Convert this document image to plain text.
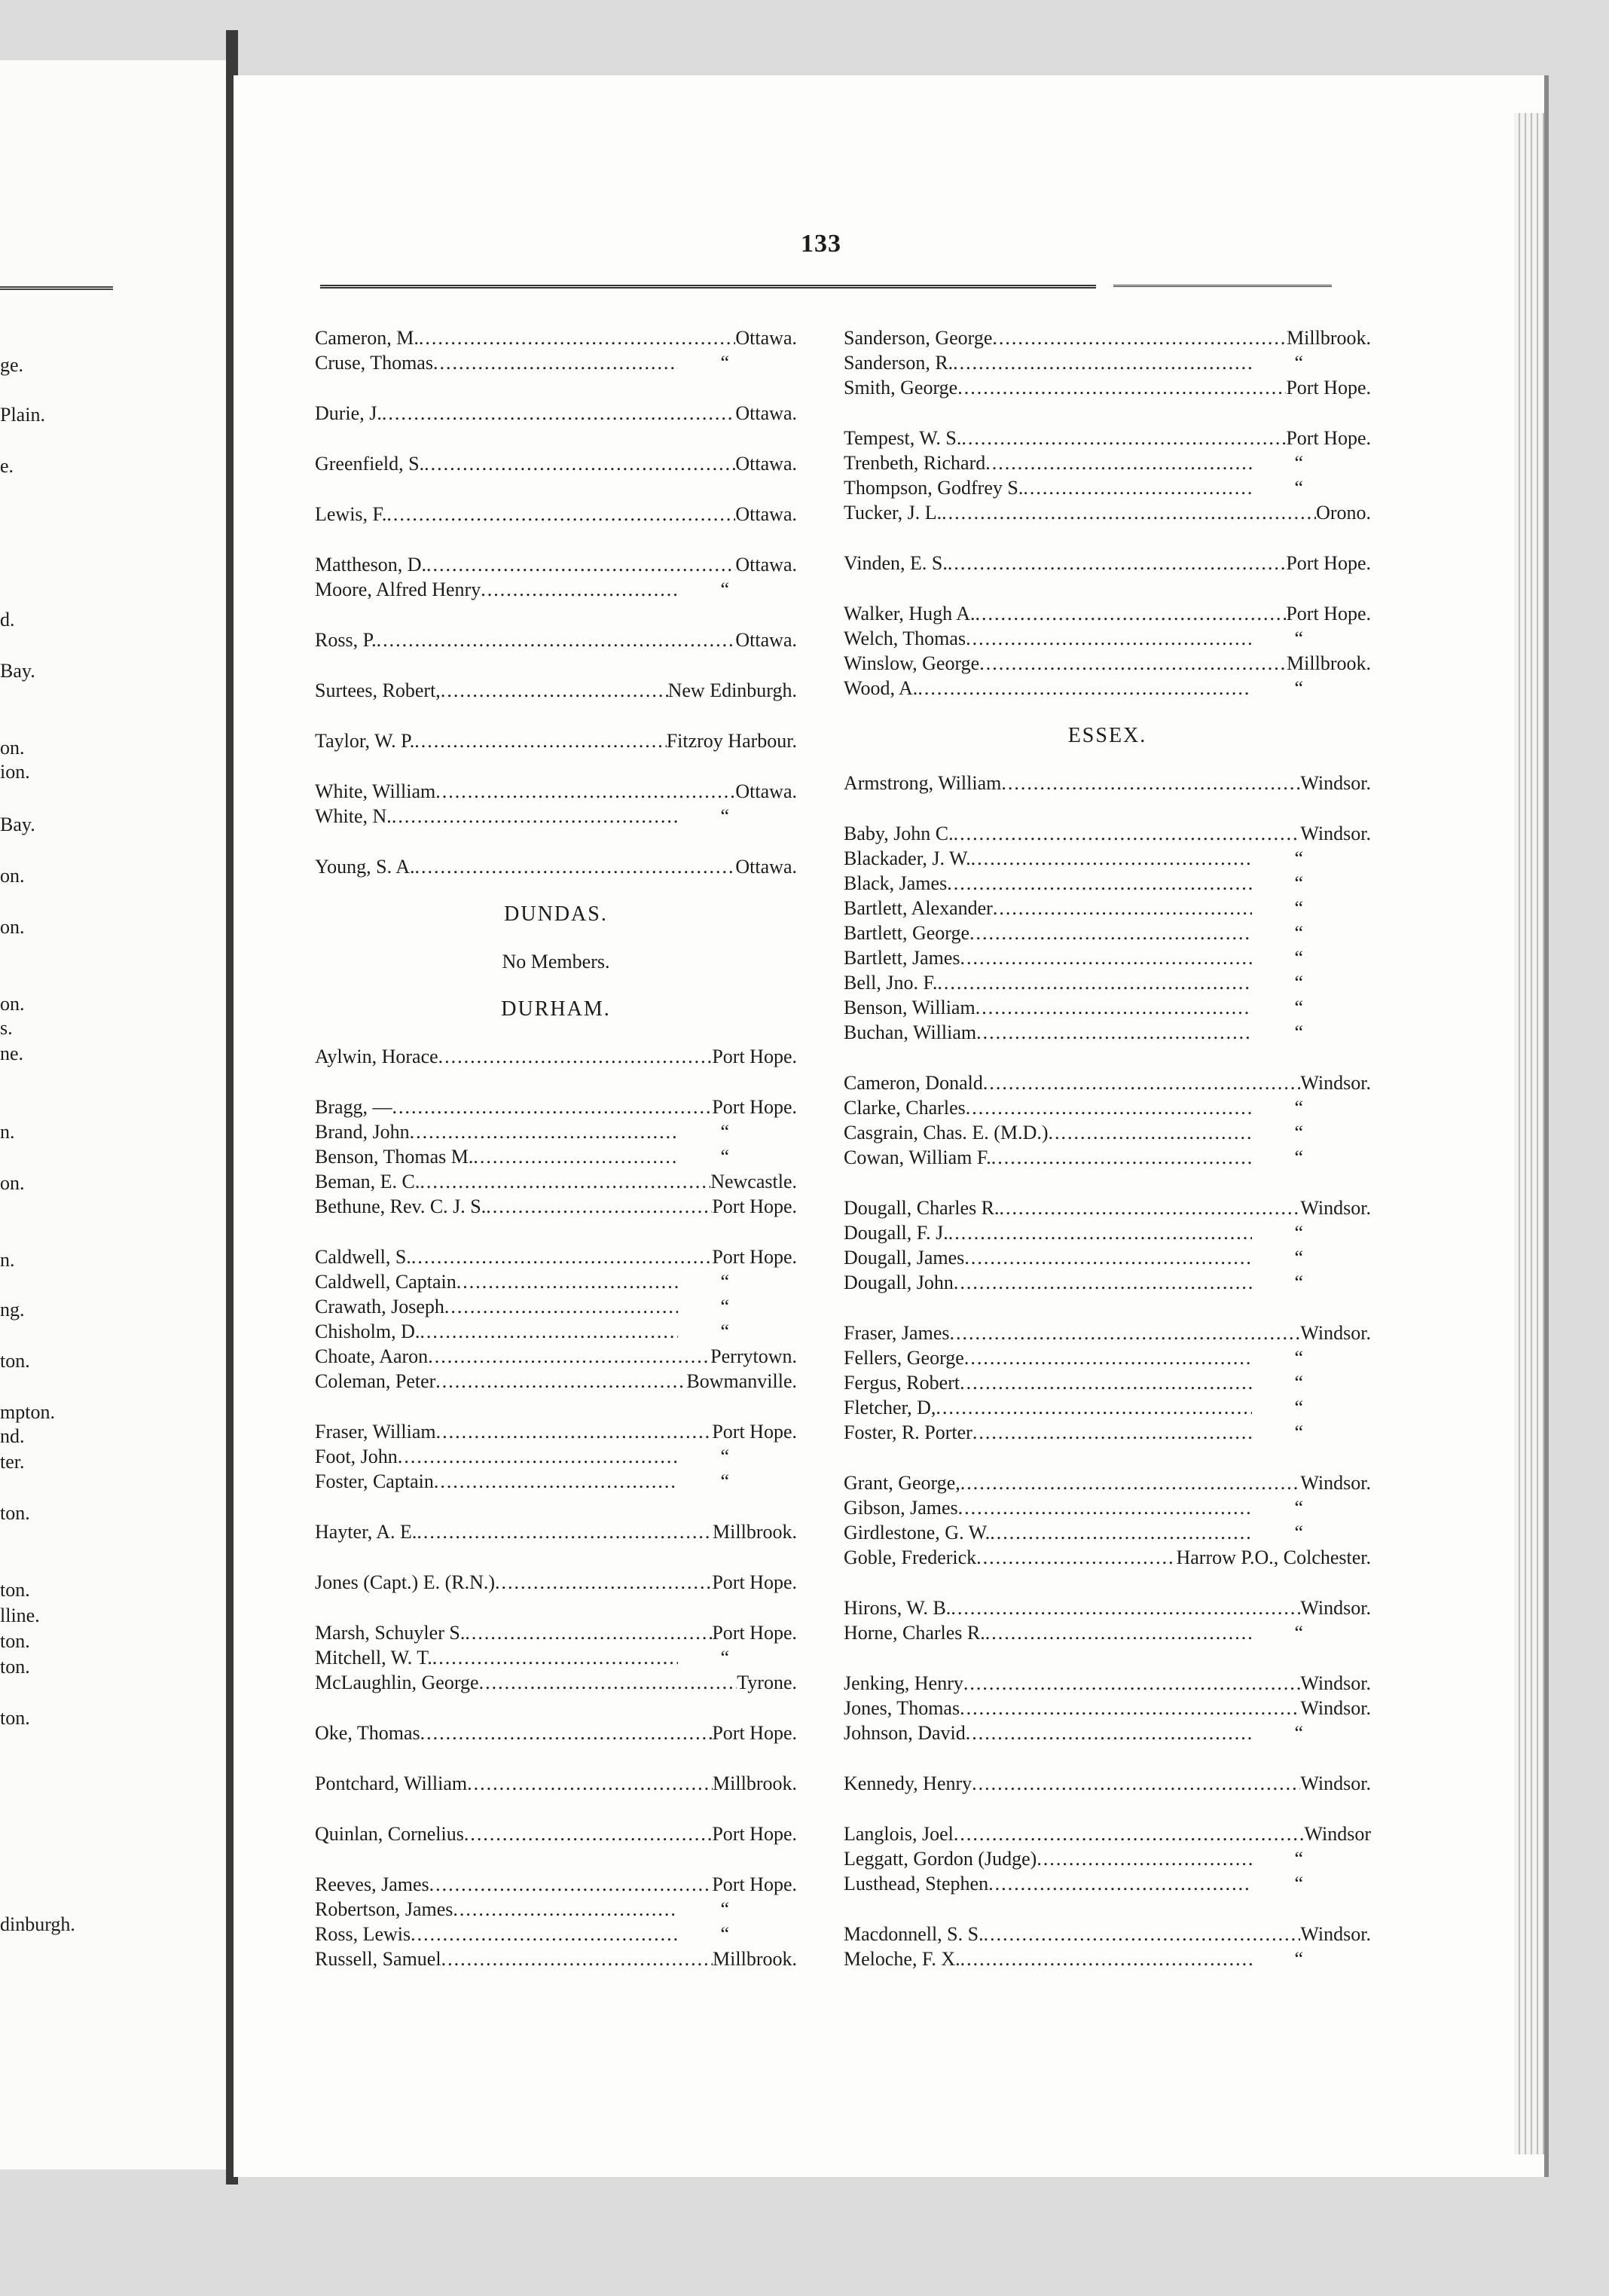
ge.
Plain.
e.
d.
Bay.
on.
ion.
Bay.
on.
on.
on.
s.
ne.
n.
on.
n.
ng.
ton.
mpton.
nd.
ter.
ton.
ton.
lline.
ton.
ton.
ton.
dinburgh.
133
Cameron, M. .....	Ottawa.
Cruse, Thomas .....	“
Durie, J. .....	Ottawa.
Greenfield, S. .....	Ottawa.
Lewis, F. .....	Ottawa.
Mattheson, D. .....	Ottawa.
Moore, Alfred Henry .....	“
Ross, P. .....	Ottawa.
Surtees, Robert, .....	New Edinburgh.
Taylor, W. P. .....	Fitzroy Harbour.
White, William .....	Ottawa.
White, N. .....	“
Young, S. A. .....	Ottawa.
DUNDAS.
No Members.
DURHAM.
Aylwin, Horace .....	Port Hope.
Bragg, — .....	Port Hope.
Brand, John .....	“
Benson, Thomas M. .....	“
Beman, E. C. .....	Newcastle.
Bethune, Rev. C. J. S. .....	Port Hope.
Caldwell, S. .....	Port Hope.
Caldwell, Captain .....	“
Crawath, Joseph .....	“
Chisholm, D. .....	“
Choate, Aaron .....	Perrytown.
Coleman, Peter .....	Bowmanville.
Fraser, William .....	Port Hope.
Foot, John .....	“
Foster, Captain .....	“
Hayter, A. E. .....	Millbrook.
Jones (Capt.) E. (R.N.) .....	Port Hope.
Marsh, Schuyler S. .....	Port Hope.
Mitchell, W. T. .....	“
McLaughlin, George .....	Tyrone.
Oke, Thomas .....	Port Hope.
Pontchard, William .....	Millbrook.
Quinlan, Cornelius .....	Port Hope.
Reeves, James .....	Port Hope.
Robertson, James .....	“
Ross, Lewis .....	“
Russell, Samuel .....	Millbrook.
Sanderson, George .....	Millbrook.
Sanderson, R. .....	“
Smith, George .....	Port Hope.
Tempest, W. S. .....	Port Hope.
Trenbeth, Richard .....	“
Thompson, Godfrey S. .....	“
Tucker, J. L. .....	Orono.
Vinden, E. S. .....	Port Hope.
Walker, Hugh A. .....	Port Hope.
Welch, Thomas .....	“
Winslow, George .....	Millbrook.
Wood, A. .....	“
ESSEX.
Armstrong, William .....	Windsor.
Baby, John C. .....	Windsor.
Blackader, J. W. .....	“
Black, James .....	“
Bartlett, Alexander .....	“
Bartlett, George .....	“
Bartlett, James .....	“
Bell, Jno. F. .....	“
Benson, William .....	“
Buchan, William .....	“
Cameron, Donald .....	Windsor.
Clarke, Charles .....	“
Casgrain, Chas. E. (M.D.) .....	“
Cowan, William F. .....	“
Dougall, Charles R. .....	Windsor.
Dougall, F. J. .....	“
Dougall, James .....	“
Dougall, John .....	“
Fraser, James .....	Windsor.
Fellers, George .....	“
Fergus, Robert .....	“
Fletcher, D, .....	“
Foster, R. Porter .....	“
Grant, George, .....	Windsor.
Gibson, James .....	“
Girdlestone, G. W. .....	“
Goble, Frederick .....	Harrow P.O., Colchester.
Hirons, W. B. .....	Windsor.
Horne, Charles R. .....	“
Jenking, Henry .....	Windsor.
Jones, Thomas .....	Windsor.
Johnson, David .....	“
Kennedy, Henry .....	Windsor.
Langlois, Joel .....	Windsor
Leggatt, Gordon (Judge) .....	“
Lusthead, Stephen .....	“
Macdonnell, S. S. .....	Windsor.
Meloche, F. X. .....	“
